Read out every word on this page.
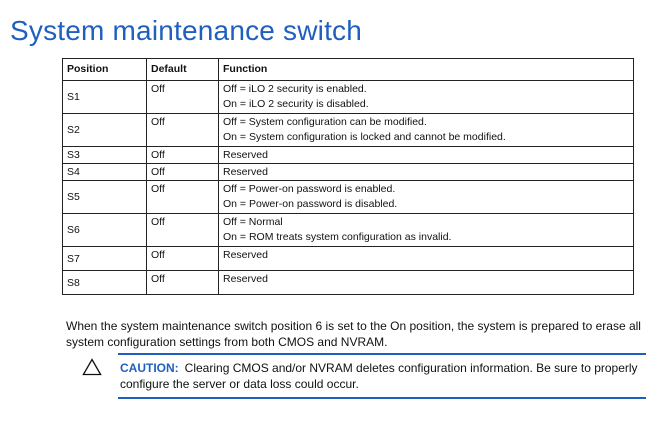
System maintenance switch
Position	Default	Function
S1	Off	Off = iLO 2 security is enabled.
On = iLO 2 security is disabled.

S2	Off	Off = System configuration can be modified.
On = System configuration is locked and cannot be modified.

S3	Off	Reserved

S4	Off	Reserved

S5	Off	Off = Power-on password is enabled.
On = Power-on password is disabled.

S6	Off	Off = Normal
On = ROM treats system configuration as invalid.

S7	Off	Reserved

S8	Off	Reserved

When the system maintenance switch position 6 is set to the On position, the system is prepared to erase all system configuration settings from both CMOS and NVRAM.

CAUTION: Clearing CMOS and/or NVRAM deletes configuration information. Be sure to properly configure the server or data loss could occur.
